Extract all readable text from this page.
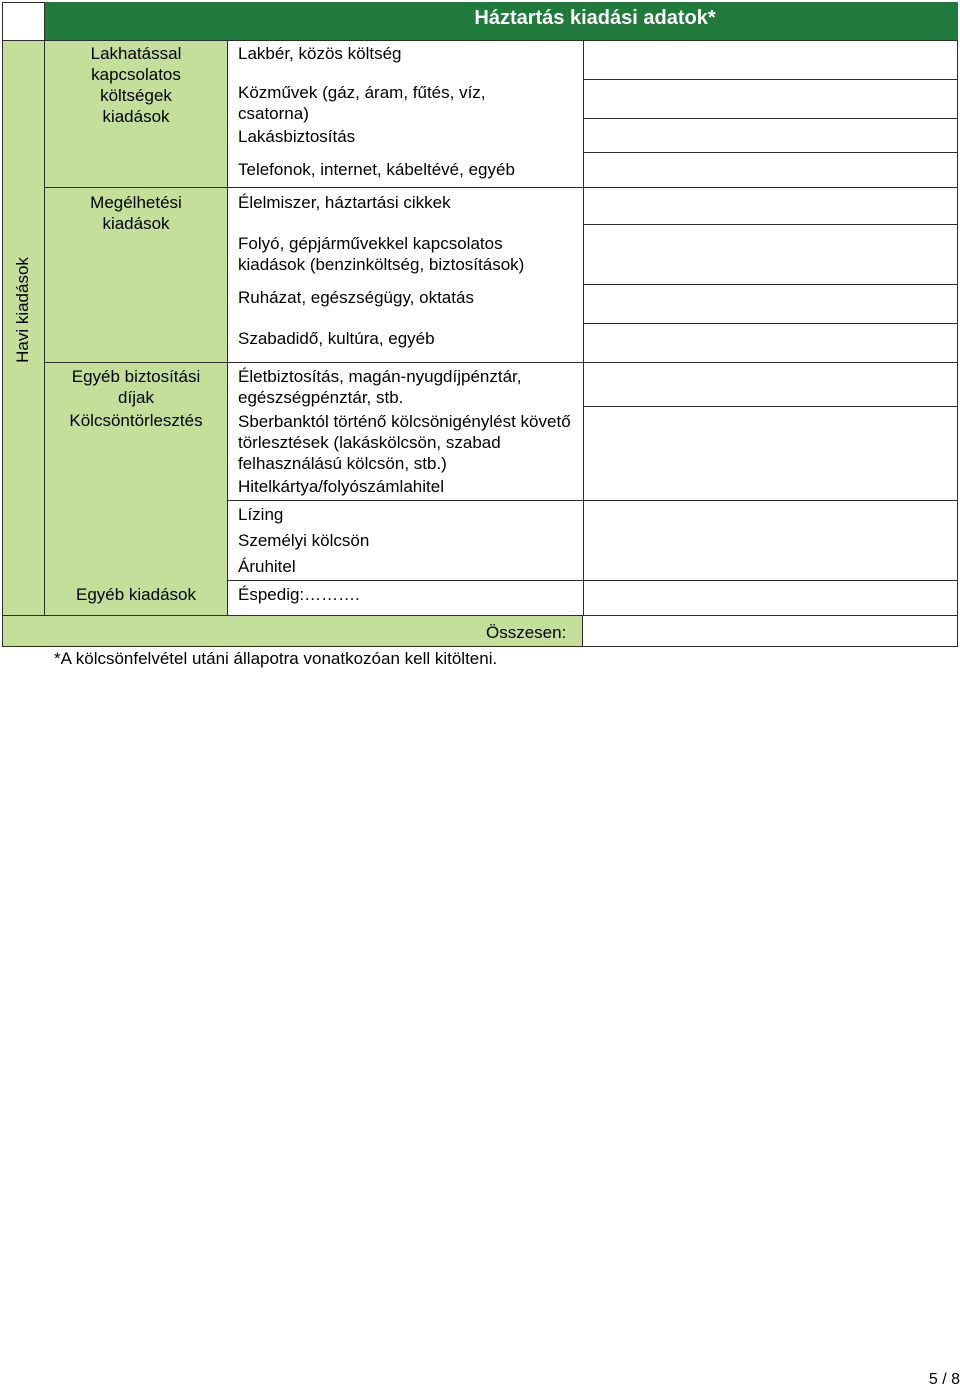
Háztartás kiadási adatok*
Havi kiadások
Lakhatással kapcsolatos költségek kiadások
Megélhetési kiadások
Egyéb biztosítási díjak
Kölcsöntörlesztés
Egyéb kiadások
Lakbér, közös költség
Közművek (gáz, áram, fűtés, víz, csatorna)
Lakásbiztosítás
Telefonok, internet, kábeltévé, egyéb
Élelmiszer, háztartási cikkek
Folyó, gépjárművekkel kapcsolatos kiadások (benzinköltség, biztosítások)
Ruházat, egészségügy, oktatás
Szabadidő, kultúra, egyéb
Életbiztosítás, magán-nyugdíjpénztár, egészségpénztár, stb.
Sberbanktól történő kölcsönigénylést követő törlesztések (lakáskölcsön, szabad felhasználású kölcsön, stb.)
Hitelkártya/folyószámlahitel
Lízing
Személyi kölcsön
Áruhitel
Éspedig:……….
Összesen:
*A kölcsönfelvétel utáni állapotra vonatkozóan kell kitölteni.
5 / 8
